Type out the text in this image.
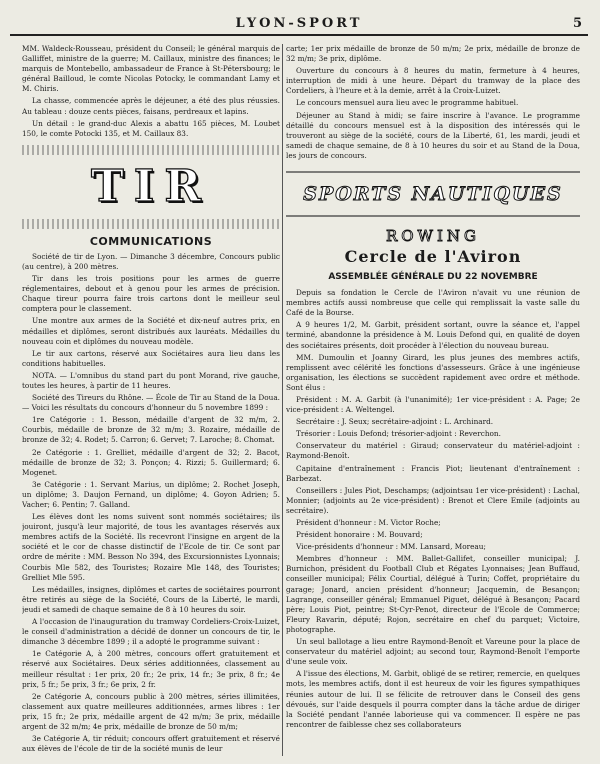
LYON-SPORT	5

MM. Waldeck-Rousseau, président du Conseil; le général marquis de Galliffet, ministre de la guerre; M. Caillaux, ministre des finances; le marquis de Montebello, ambassadeur de France à St-Pétersbourg; le général Bailloud, le comte Nicolas Potocky, le commandant Lamy et M. Chiris.

La chasse, commencée après le déjeuner, a été des plus réussies. Au tableau : douze cents pièces, faisans, perdreaux et lapins.

Un détail : le grand-duc Alexis a abattu 165 pièces, M. Loubet 150, le comte Potocki 135, et M. Caillaux 83.

TIR
COMMUNICATIONS

Société de tir de Lyon. — Dimanche 3 décembre, Concours public (au centre), à 200 mètres.

Tir dans les trois positions pour les armes de guerre réglementaires, debout et à genou pour les armes de précision. Chaque tireur pourra faire trois cartons dont le meilleur seul comptera pour le classement.

Une montre aux armes de la Société et dix-neuf autres prix, en médailles et diplômes, seront distribués aux lauréats. Médailles du nouveau coin et diplômes du nouveau modèle.

Le tir aux cartons, réservé aux Sociétaires aura lieu dans les conditions habituelles.

NOTA. — L'omnibus du stand part du pont Morand, rive gauche, toutes les heures, à partir de 11 heures.

Société des Tireurs du Rhône. — École de Tir au Stand de la Doua. — Voici les résultats du concours d'honneur du 5 novembre 1899 :

1re Catégorie : 1. Besson, médaille d'argent de 32 m/m, 2. Courbis, médaille de bronze de 32 m/m; 3. Rozaire, médaille de bronze de 32; 4. Rodet; 5. Carron; 6. Gervet; 7. Laroche; 8. Chomat.

2e Catégorie : 1. Grelliet, médaille d'argent de 32; 2. Bacot, médaille de bronze de 32; 3. Ponçon; 4. Rizzi; 5. Guillermard; 6. Mogenet.

3e Catégorie : 1. Servant Marius, un diplôme; 2. Rochet Joseph, un diplôme; 3. Daujon Fernand, un diplôme; 4. Goyon Adrien; 5. Vacher; 6. Pentin; 7. Galland.

Les élèves dont les noms suivent sont nommés sociétaires; ils jouiront, jusqu'à leur majorité, de tous les avantages réservés aux membres actifs de la Société. Ils recevront l'insigne en argent de la société et le cor de chasse distinctif de l'Ecole de tir. Ce sont par ordre de mérite : MM. Besson No 394, des Excursionnistes Lyonnais; Courbis Mle 582, des Touristes; Rozaire Mle 148, des Touristes; Grelliet Mle 595.

Les médailles, insignes, diplômes et cartes de sociétaires pourront être retirés au siège de la Société, Cours de la Liberté, le mardi, jeudi et samedi de chaque semaine de 8 à 10 heures du soir.

A l'occasion de l'inauguration du tramway Cordeliers-Croix-Luizet, le conseil d'administration a décidé de donner un concours de tir, le dimanche 3 décembre 1899 ; il a adopté le programme suivant :

1e Catégorie A, à 200 mètres, concours offert gratuitement et réservé aux Sociétaires. Deux séries additionnées, classement au meilleur résultat : 1er prix, 20 fr.; 2e prix, 14 fr.; 3e prix, 8 fr.; 4e prix, 5 fr.; 5e prix, 3 fr.; 6e prix, 2 fr.

2e Catégorie A, concours public à 200 mètres, séries illimitées, classement aux quatre meilleures additionnées, armes libres : 1er prix, 15 fr.; 2e prix, médaille argent de 42 m/m; 3e prix, médaille argent de 32 m/m; 4e prix, médaille de bronze de 50 m/m;

3e Catégorie A, tir réduit; concours offert gratuitement et réservé aux élèves de l'école de tir de la société munis de leur

carte; 1er prix médaille de bronze de 50 m/m; 2e prix, médaille de bronze de 32 m/m; 3e prix, diplôme.

Ouverture du concours à 8 heures du matin, fermeture à 4 heures, interruption de midi à une heure. Départ du tramway de la place des Cordeliers, à l'heure et à la demie, arrêt à la Croix-Luizet.

Le concours mensuel aura lieu avec le programme habituel.

Déjeuner au Stand à midi; se faire inscrire à l'avance. Le programme détaillé du concours mensuel est à la disposition des intéressés qui le trouveront au siège de la société, cours de la Liberté, 61, les mardi, jeudi et samedi de chaque semaine, de 8 à 10 heures du soir et au Stand de la Doua, les jours de concours.

SPORTS NAUTIQUES
ROWING
Cercle de l'Aviron
ASSEMBLÉE GÉNÉRALE DU 22 NOVEMBRE

Depuis sa fondation le Cercle de l'Aviron n'avait vu une réunion de membres actifs aussi nombreuse que celle qui remplissait la vaste salle du Café de la Bourse.

A 9 heures 1/2, M. Garbit, président sortant, ouvre la séance et, l'appel terminé, abandonne la présidence à M. Louis Defond qui, en qualité de doyen des sociétaires présents, doit procéder à l'élection du nouveau bureau.

MM. Dumoulin et Joanny Girard, les plus jeunes des membres actifs, remplissent avec célérité les fonctions d'assesseurs. Grâce à une ingénieuse organisation, les élections se succèdent rapidement avec ordre et méthode. Sont élus :

Président : M. A. Garbit (à l'unanimité); 1er vice-président : A. Page; 2e vice-président : A. Weltengel.

Secrétaire : J. Seux; secrétaire-adjoint : L. Archinard.

Trésorier : Louis Defond; trésorier-adjoint : Reverchon.

Conservateur du matériel : Giraud; conservateur du matériel-adjoint : Raymond-Benoît.

Capitaine d'entraînement : Francis Piot; lieutenant d'entraînement : Barbezat.

Conseillers : Jules Piot, Deschamps; (adjointsau 1er vice-président) : Lachal, Monnier; (adjoints au 2e vice-président) : Brenot et Clere Emile (adjoints au secrétaire).

Président d'honneur : M. Victor Roche;

Président honoraire : M. Bouvard;

Vice-présidents d'honneur : MM. Lansard, Moreau;

Membres d'honneur : MM. Ballet-Gallifet, conseiller municipal; J. Burnichon, président du Football Club et Régates Lyonnaises; Jean Buffaud, conseiller municipal; Félix Courtial, délégué à Turin; Coffet, propriétaire du garage; Jonard, ancien président d'honneur; Jacquemin, de Besançon; Lagrange, conseiller général; Emmanuel Piguet, délégué à Besançon; Pacard père; Louis Piot, peintre; St-Cyr-Penot, directeur de l'Ecole de Commerce; Fleury Ravarin, député; Rojon, secrétaire en chef du parquet; Victoire, photographe.

Un seul ballotage a lieu entre Raymond-Benoît et Vareune pour la place de conservateur du matériel adjoint; au second tour, Raymond-Benoît l'emporte d'une seule voix.

A l'issue des élections, M. Garbit, obligé de se retirer, remercie, en quelques mots, les membres actifs, dont il est heureux de voir les figures sympathiques réunies autour de lui. Il se félicite de retrouver dans le Conseil des gens dévoués, sur l'aide desquels il pourra compter dans la tâche ardue de diriger la Société pendant l'année laborieuse qui va commencer. Il espère ne pas rencontrer de faiblesse chez ses collaborateurs
